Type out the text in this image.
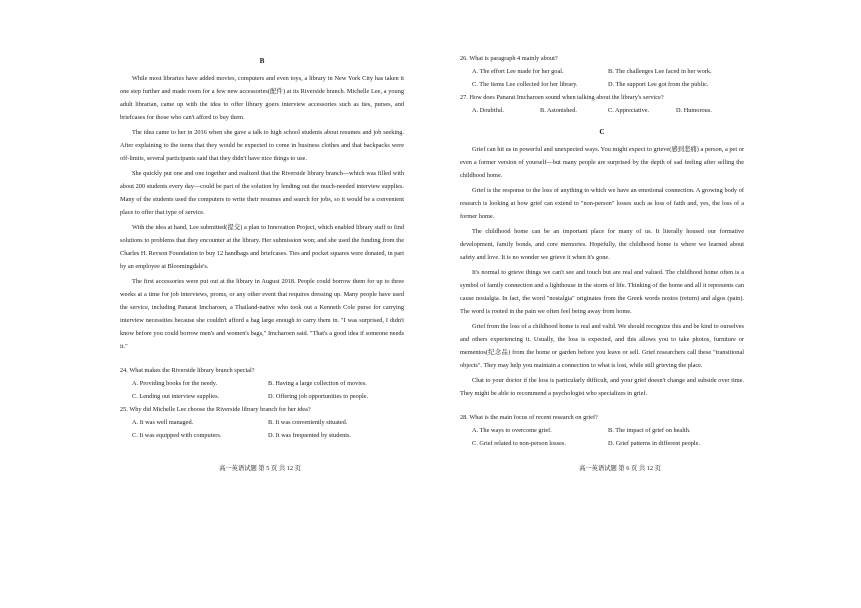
B

While most libraries have added movies, computers and even toys, a library in New York City has taken it one step further and made room for a few new accessories(配件) at its Riverside branch. Michelle Lee, a young adult librarian, came up with the idea to offer library goers interview accessories such as ties, purses, and briefcases for those who can't afford to buy them.

The idea came to her in 2016 when she gave a talk to high school students about resumes and job seeking. After explaining to the teens that they would be expected to come in business clothes and that backpacks were off-limits, several participants said that they didn't have nice things to use.

She quickly put one and one together and realized that the Riverside library branch—which was filled with about 200 students every day—could be part of the solution by lending out the much-needed interview supplies. Many of the students used the computers to write their resumes and search for jobs, so it would be a convenient place to offer that type of service.

With the idea at hand, Lee submitted(提交) a plan to Innovation Project, which enabled library staff to find solutions to problems that they encounter at the library. Her submission won; and she used the funding from the Charles H. Revson Foundation to buy 12 handbags and briefcases. Ties and pocket squares were donated, in part by an employee at Bloomingdale's.

The first accessories were put out at the library in August 2018. People could borrow them for up to three weeks at a time for job interviews, proms, or any other event that requires dressing up. Many people have used the service, including Panarat Imcharoen, a Thailand-native who took out a Kenneth Cole purse for carrying interview necessities because she couldn't afford a bag large enough to carry them in. "I was surprised, I didn't know before you could borrow men's and women's bags," Imcharoen said. "That's a good idea if someone needs it."

24. What makes the Riverside library branch special?

A. Providing books for the needy.	B. Having a large collection of movies.
C. Lending out interview supplies.	D. Offering job opportunities to people.

25. Why did Michelle Lee choose the Riverside library branch for her idea?

A. It was well managed.	B. It was conveniently situated.
C. It was equipped with computers.	D. It was frequented by students.

26. What is paragraph 4 mainly about?

A. The effort Lee made for her goal.	B. The challenges Lee faced in her work.
C. The items Lee collected for her library.	D. The support Lee got from the public.

27. How does Panarat Imcharoen sound when talking about the library's service?

A. Doubtful.	B. Astonished.	C. Appreciative.	D. Humorous.
C

Grief can hit us in powerful and unexpected ways. You might expect to grieve(感到悲痛) a person, a pet or even a former version of yourself—but many people are surprised by the depth of sad feeling after selling the childhood home.

Grief is the response to the loss of anything to which we have an emotional connection. A growing body of research is looking at how grief can extend to "non-person" losses such as loss of faith and, yes, the loss of a former home.

The childhood home can be an important place for many of us. It literally housed our formative development, family bonds, and core memories. Hopefully, the childhood home is where we learned about safety and love. It is no wonder we grieve it when it's gone.

It's normal to grieve things we can't see and touch but are real and valued. The childhood home often is a symbol of family connection and a lighthouse in the storm of life. Thinking of the home and all it represents can cause nostalgia. In fact, the word "nostalgia" originates from the Greek words nostos (return) and algos (pain). The word is rooted in the pain we often feel being away from home.

Grief from the loss of a childhood home is real and valid. We should recognize this and be kind to ourselves and others experiencing it. Usually, the loss is expected, and this allows you to take photos, furniture or mementos(纪念品) from the home or garden before you leave or sell. Grief researchers call these "transitional objects". They may help you maintain a connection to what is lost, while still grieving the place.

Chat to your doctor if the loss is particularly difficult, and your grief doesn't change and subside over time. They might be able to recommend a psychologist who specializes in grief.

28. What is the main focus of recent research on grief?

A. The ways to overcome grief.	B. The impact of grief on health.
C. Grief related to non-person losses.	D. Grief patterns in different people.
高一英语试题 第 5 页 共 12 页	高一英语试题 第 6 页 共 12 页
